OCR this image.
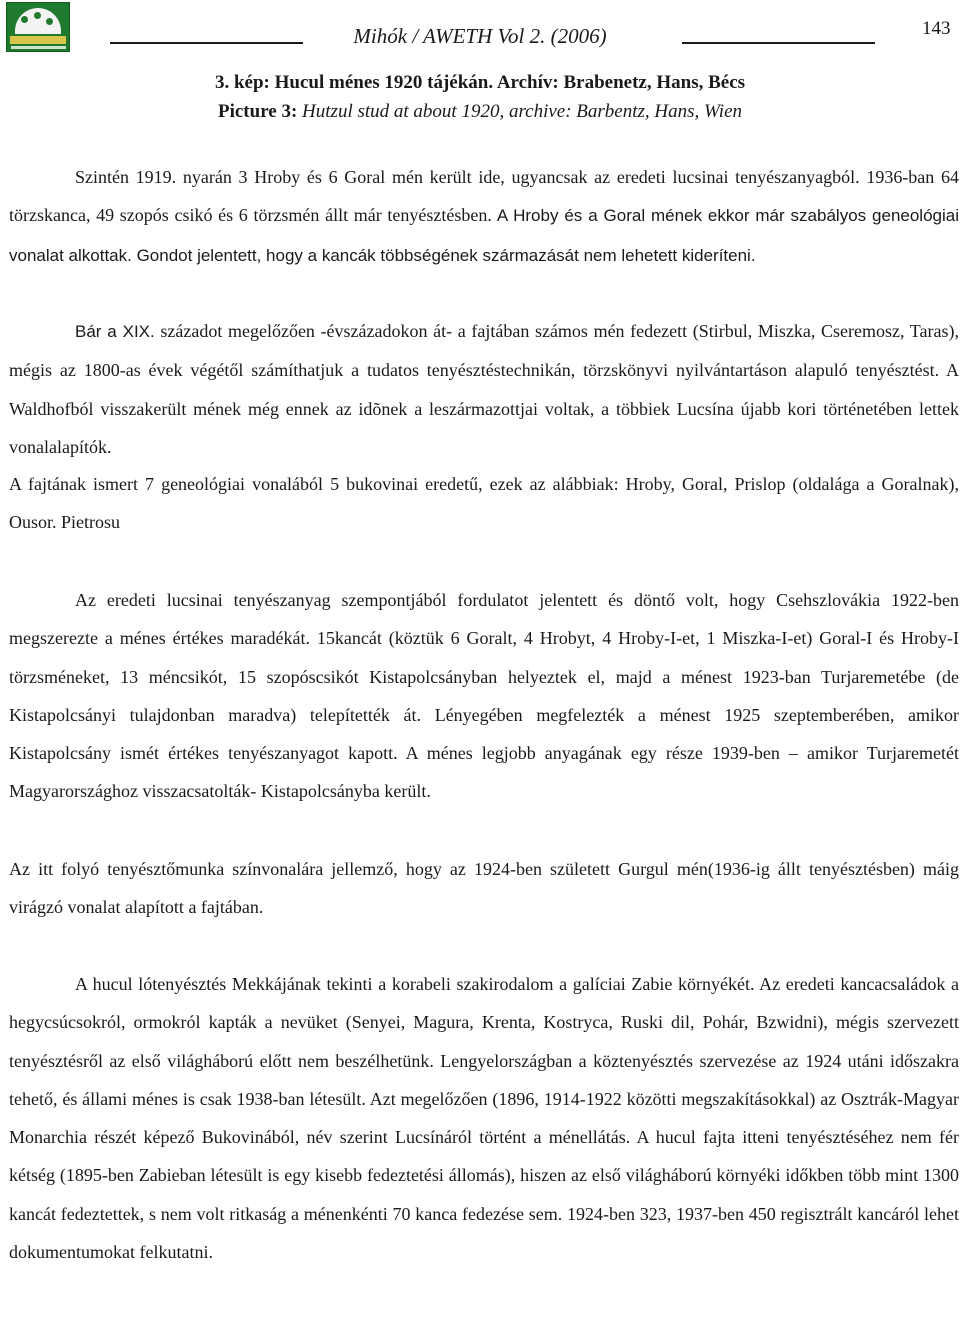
Mihók / AWETH Vol 2. (2006)	143
3. kép: Hucul ménes 1920 tájékán. Archív: Brabenetz, Hans, Bécs
Picture 3: Hutzul stud at about 1920, archive: Barbentz, Hans, Wien

Szintén 1919. nyarán 3 Hroby és 6 Goral mén került ide, ugyancsak az eredeti lucsinai tenyészanyagból. 1936-ban 64 törzskanca, 49 szopós csikó és 6 törzsmén állt már tenyésztésben. A Hroby és a Goral mének ekkor már szabályos geneológiai vonalat alkottak. Gondot jelentett, hogy a kancák többségének származását nem lehetett kideríteni.

Bár a XIX. századot megelőzően -évszázadokon át- a fajtában számos mén fedezett (Stirbul, Miszka, Cseremosz, Taras), mégis az 1800-as évek végétől számíthatjuk a tudatos tenyésztéstechnikán, törzskönyvi nyilvántartáson alapuló tenyésztést. A Waldhofból visszakerült mének még ennek az idõnek a leszármazottjai voltak, a többiek Lucsína újabb kori történetében lettek vonalalapítók.

A fajtának ismert 7 geneológiai vonalából 5 bukovinai eredetű, ezek az alábbiak: Hroby, Goral, Prislop (oldalága a Goralnak), Ousor. Pietrosu

Az eredeti lucsinai tenyészanyag szempontjából fordulatot jelentett és döntő volt, hogy Csehszlovákia 1922-ben megszerezte a ménes értékes maradékát. 15kancát (köztük 6 Goralt, 4 Hrobyt, 4 Hroby-I-et, 1 Miszka-I-et) Goral-I és Hroby-I törzsméneket, 13 méncsikót, 15 szopóscsikót Kistapolcsányban helyeztek el, majd a ménest 1923-ban Turjaremetébe (de Kistapolcsányi tulajdonban maradva) telepítették át. Lényegében megfelezték a ménest 1925 szeptemberében, amikor Kistapolcsány ismét értékes tenyészanyagot kapott. A ménes legjobb anyagának egy része 1939-ben – amikor Turjaremetét Magyarországhoz visszacsatolták- Kistapolcsányba került.

Az itt folyó tenyésztőmunka színvonalára jellemző, hogy az 1924-ben született Gurgul mén(1936-ig állt tenyésztésben) máig virágzó vonalat alapított a fajtában.

A hucul lótenyésztés Mekkájának tekinti a korabeli szakirodalom a galíciai Zabie környékét. Az eredeti kancacsaládok a hegycsúcsokról, ormokról kapták a nevüket (Senyei, Magura, Krenta, Kostryca, Ruski dil, Pohár, Bzwidni), mégis szervezett tenyésztésről az első világháború előtt nem beszélhetünk. Lengyelországban a köztenyésztés szervezése az 1924 utáni időszakra tehető, és állami ménes is csak 1938-ban létesült. Azt megelőzően (1896, 1914-1922 közötti megszakításokkal) az Osztrák-Magyar Monarchia részét képező Bukovinából, név szerint Lucsínáról történt a ménellátás. A hucul fajta itteni tenyésztéséhez nem fér kétség (1895-ben Zabieban létesült is egy kisebb fedeztetési állomás), hiszen az első világháború környéki időkben több mint 1300 kancát fedeztettek, s nem volt ritkaság a ménenkénti 70 kanca fedezése sem. 1924-ben 323, 1937-ben 450 regisztrált kancáról lehet dokumentumokat felkutatni.
